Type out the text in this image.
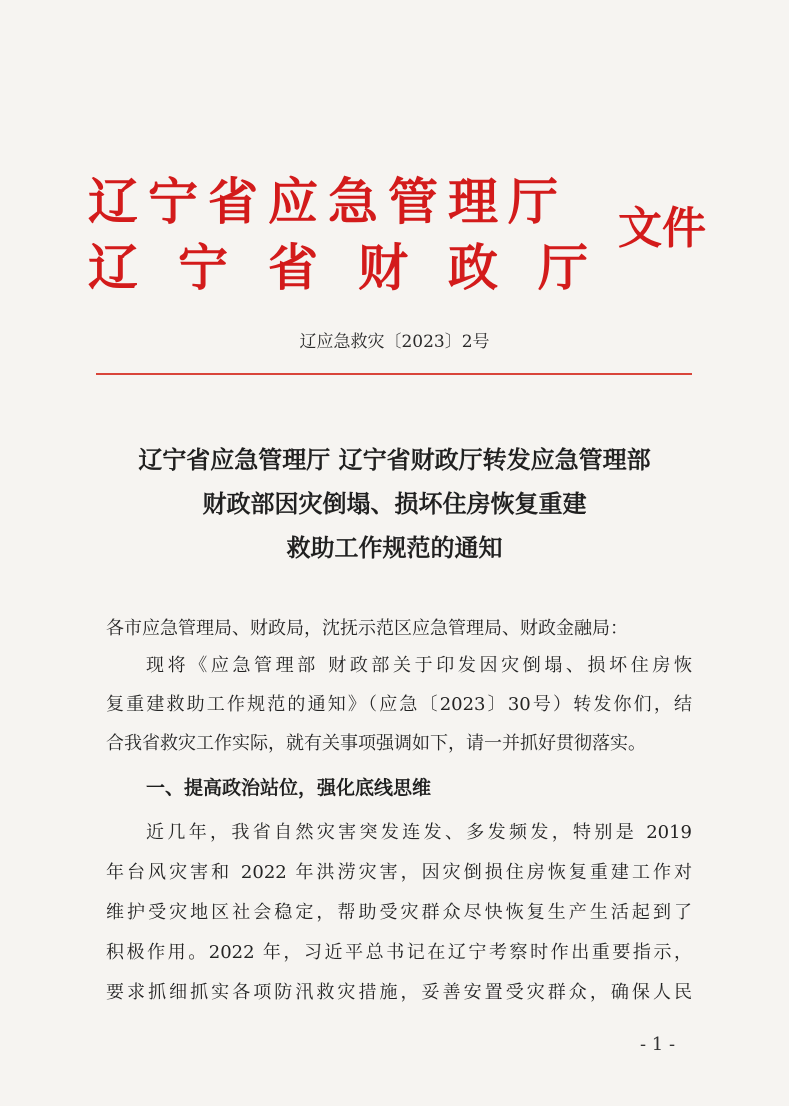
辽宁省应急管理厅
辽宁省财政厅
文件
辽应急救灾〔2023〕2号
辽宁省应急管理厅 辽宁省财政厅转发应急管理部
财政部因灾倒塌、损坏住房恢复重建
救助工作规范的通知
各市应急管理局、财政局，沈抚示范区应急管理局、财政金融局：
现将《应急管理部 财政部关于印发因灾倒塌、损坏住房恢
复重建救助工作规范的通知》（应急〔2023〕30号）转发你们，结
合我省救灾工作实际，就有关事项强调如下，请一并抓好贯彻落实。
一、提高政治站位，强化底线思维
近几年，我省自然灾害突发连发、多发频发，特别是 2019
年台风灾害和 2022 年洪涝灾害，因灾倒损住房恢复重建工作对
维护受灾地区社会稳定，帮助受灾群众尽快恢复生产生活起到了
积极作用。2022 年，习近平总书记在辽宁考察时作出重要指示，
要求抓细抓实各项防汛救灾措施，妥善安置受灾群众，确保人民
- 1 -
